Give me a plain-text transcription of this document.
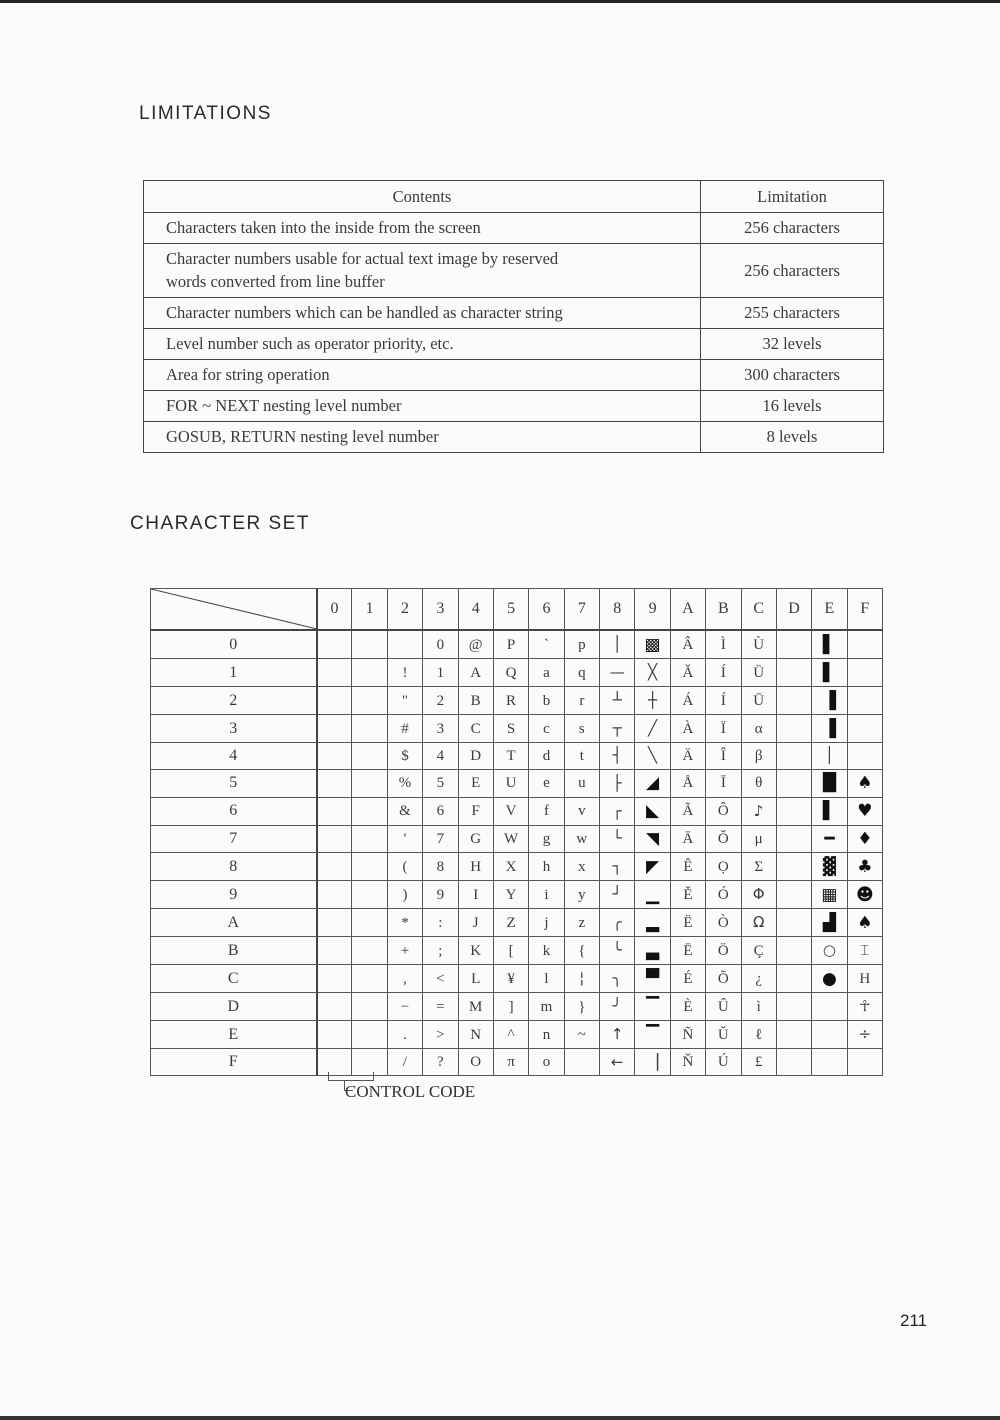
LIMITATIONS
Contents	Limitation
Characters taken into the inside from the screen	256 characters

Character numbers usable for actual text image by reserved
words converted from line buffer	256 characters
Character numbers which can be handled as character string	255 characters
Level number such as operator priority, etc.	32 levels
Area for string operation	300 characters
FOR ~ NEXT nesting level number	16 levels
GOSUB, RETURN nesting level number	8 levels
CHARACTER SET
	0	1	2	3	4	5	6	7	8	9	A	B	C	D	E	F
0				0	@	P	`	p	│	▩	Â	Ì	Ù		▌	
1			!	1	A	Q	a	q	—	╳	Ǎ	Í	Ü		▌	
2			"	2	B	R	b	r	┴	┼	Á	Í	Ū		▐	
3			#	3	C	S	c	s	┬	╱	À	Ï	α		▐	
4			$	4	D	T	d	t	┤	╲	Ä	Î	β		│	
5			%	5	E	U	e	u	├	◢	Å	Ī	θ		█	♠
6			&	6	F	V	f	v	┌	◣	Ã	Ô	♪		▌	♥
7			'	7	G	W	g	w	└	◥	Ā	Ǒ	μ		━	♦
8			(	8	H	X	h	x	┐	◤	Ê	Ọ	Σ		▓	♣
9			)	9	I	Y	i	y	┘	▁	Ě	Ó	Φ		▦	☻
A			*	:	J	Z	j	z	╭	▂	Ë	Ò	Ω		▟	♠
B			+	;	K	[	k	{	╰	▃	Ē	Ö	Ç		○	⌶
C			,	<	L	¥	l	¦	╮	▀	É	Õ	¿		●	H
D			−	=	M	]	m	}	╯	▔	È	Û	ì			☥
E			.	>	N	^	n	~	↑	▔	Ñ	Ǔ	ℓ			÷
F			/	?	O	π	o		←	▕	Ň	Ú	£			
CONTROL CODE
211
